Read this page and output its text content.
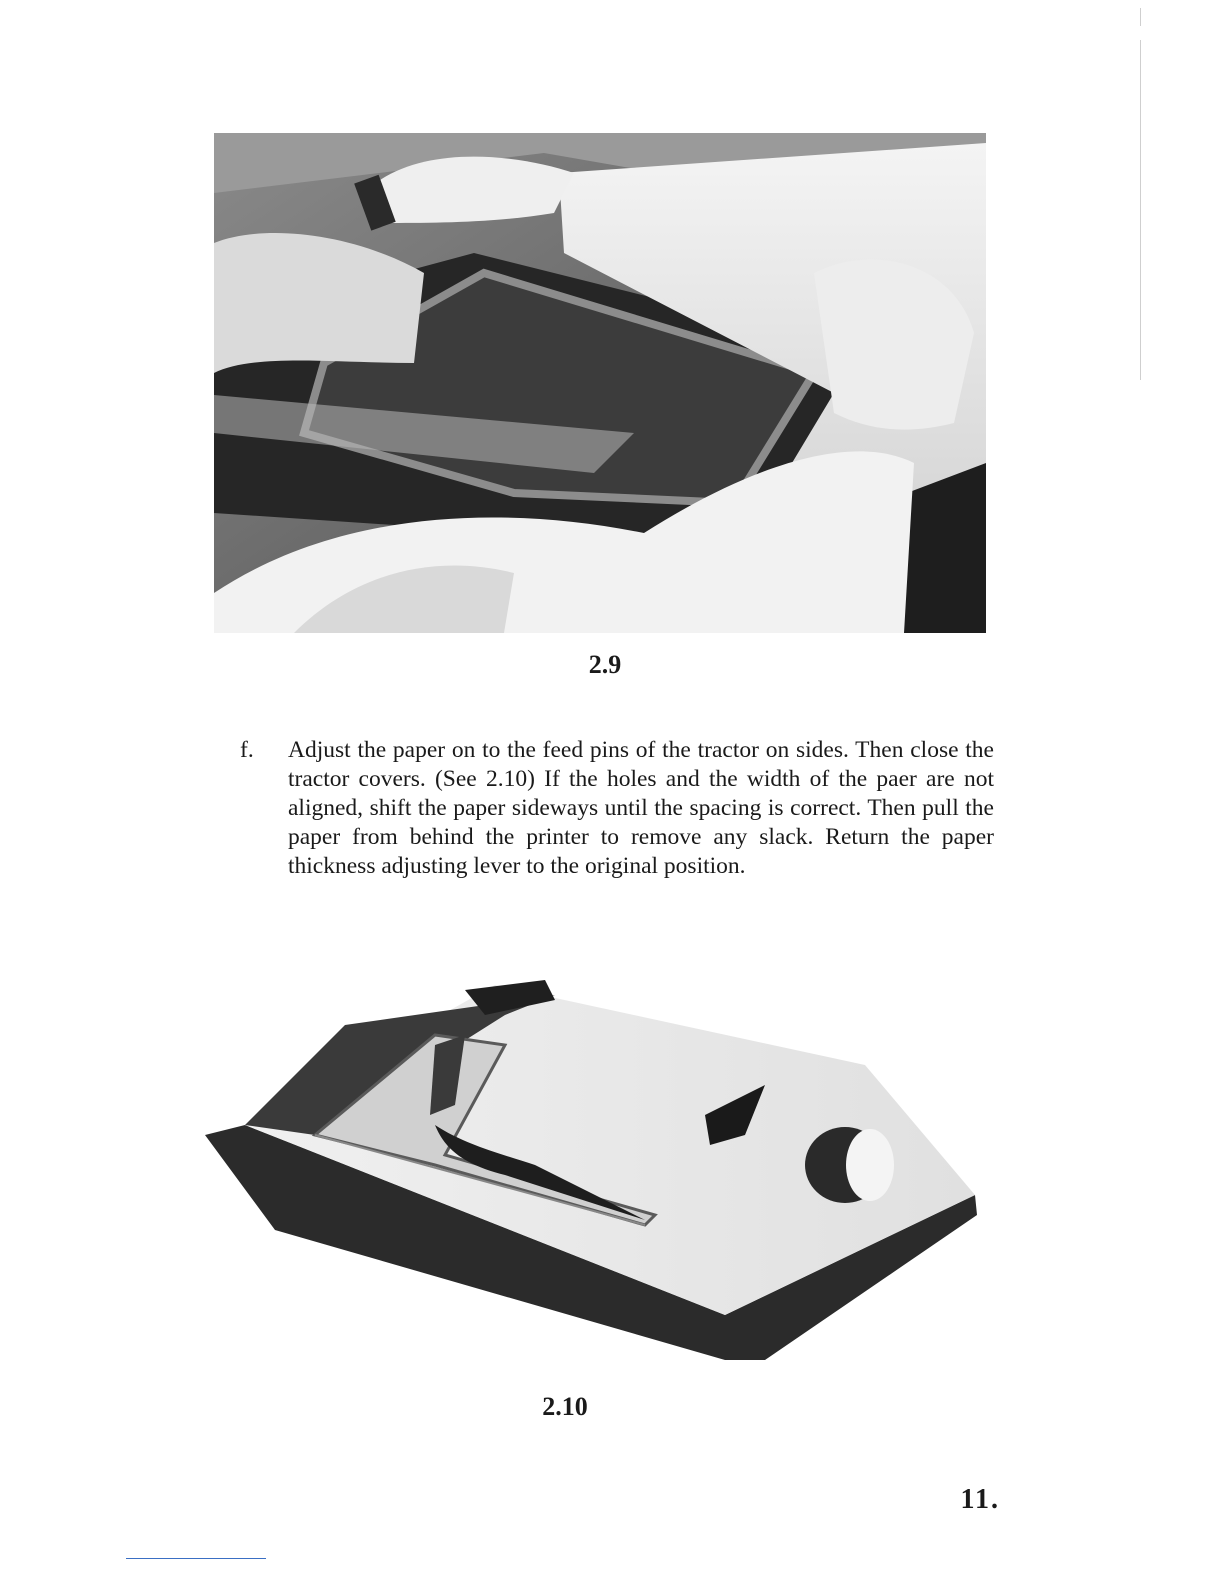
2.9
f. Adjust the paper on to the feed pins of the tractor on sides. Then close the tractor covers. (See 2.10) If the holes and the width of the paer are not aligned, shift the paper sideways until the spacing is correct. Then pull the paper from behind the printer to remove any slack. Return the paper thickness adjusting lever to the original position.
2.10
11.
